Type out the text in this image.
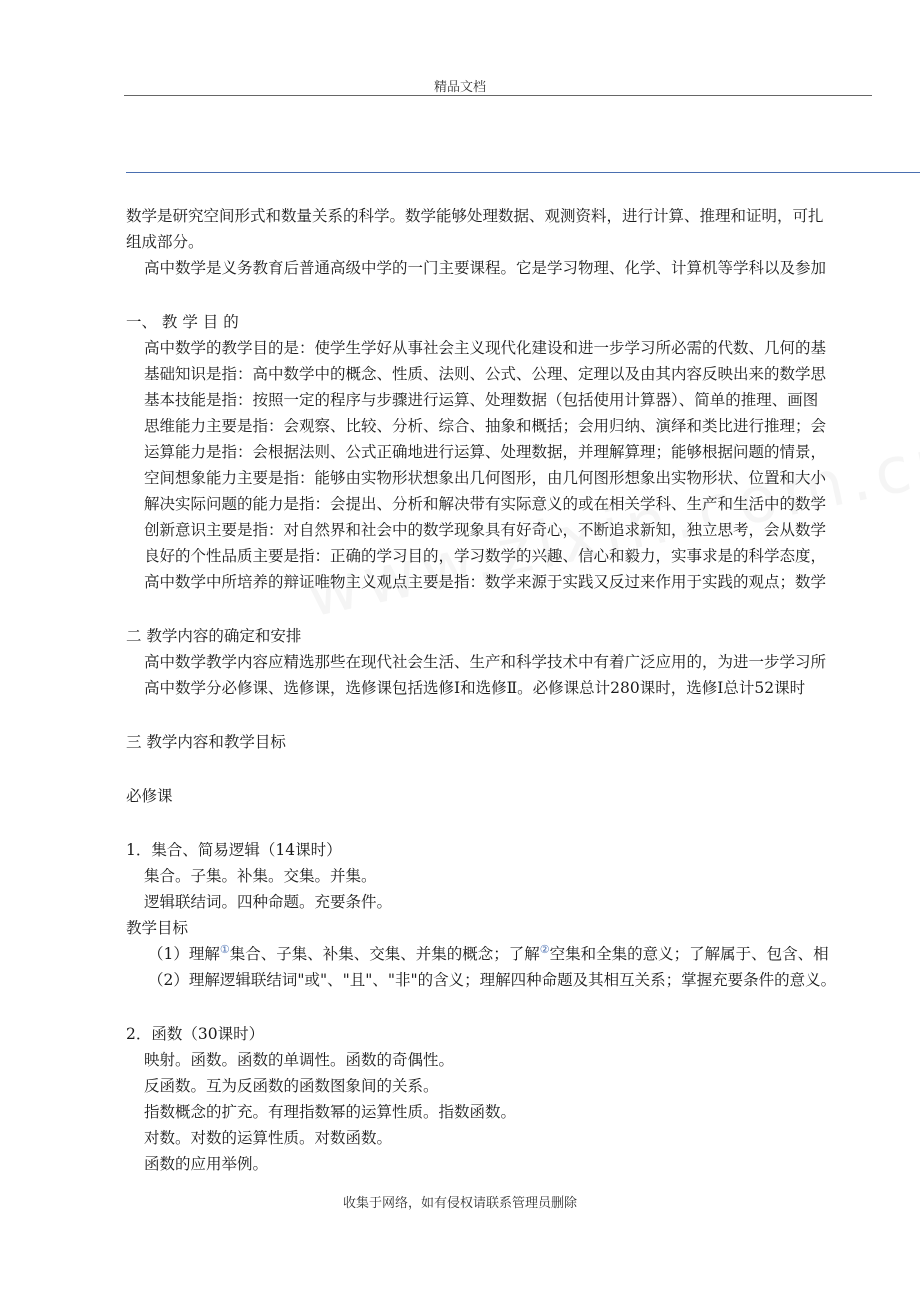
精品文档
数学是研究空间形式和数量关系的科学。数学能够处理数据、观测资料，进行计算、推理和证明，可扎
组成部分。
高中数学是义务教育后普通高级中学的一门主要课程。它是学习物理、化学、计算机等学科以及参加
一、 教 学 目 的
高中数学的教学目的是：使学生学好从事社会主义现代化建设和进一步学习所必需的代数、几何的基
基础知识是指：高中数学中的概念、性质、法则、公式、公理、定理以及由其内容反映出来的数学思
基本技能是指：按照一定的程序与步骤进行运算、处理数据（包括使用计算器）、简单的推理、画图
思维能力主要是指：会观察、比较、分析、综合、抽象和概括；会用归纳、演绎和类比进行推理；会
运算能力是指：会根据法则、公式正确地进行运算、处理数据，并理解算理；能够根据问题的情景，
空间想象能力主要是指：能够由实物形状想象出几何图形，由几何图形想象出实物形状、位置和大小
解决实际问题的能力是指：会提出、分析和解决带有实际意义的或在相关学科、生产和生活中的数学
创新意识主要是指：对自然界和社会中的数学现象具有好奇心，不断追求新知，独立思考，会从数学
良好的个性品质主要是指：正确的学习目的，学习数学的兴趣、信心和毅力，实事求是的科学态度，
高中数学中所培养的辩证唯物主义观点主要是指：数学来源于实践又反过来作用于实践的观点；数学
二 教学内容的确定和安排
高中数学教学内容应精选那些在现代社会生活、生产和科学技术中有着广泛应用的，为进一步学习所
高中数学分必修课、选修课，选修课包括选修Ⅰ和选修Ⅱ。必修课总计280课时，选修Ⅰ总计52课时
三 教学内容和教学目标
必修课
1．集合、简易逻辑（14课时）
集合。子集。补集。交集。并集。
逻辑联结词。四种命题。充要条件。
教学目标
（1）理解①集合、子集、补集、交集、并集的概念；了解②空集和全集的意义；了解属于、包含、相
（2）理解逻辑联结词"或"、"且"、"非"的含义；理解四种命题及其相互关系；掌握充要条件的意义。
2．函数（30课时）
映射。函数。函数的单调性。函数的奇偶性。
反函数。互为反函数的函数图象间的关系。
指数概念的扩充。有理指数幂的运算性质。指数函数。
对数。对数的运算性质。对数函数。
函数的应用举例。
收集于网络，如有侵权请联系管理员删除
